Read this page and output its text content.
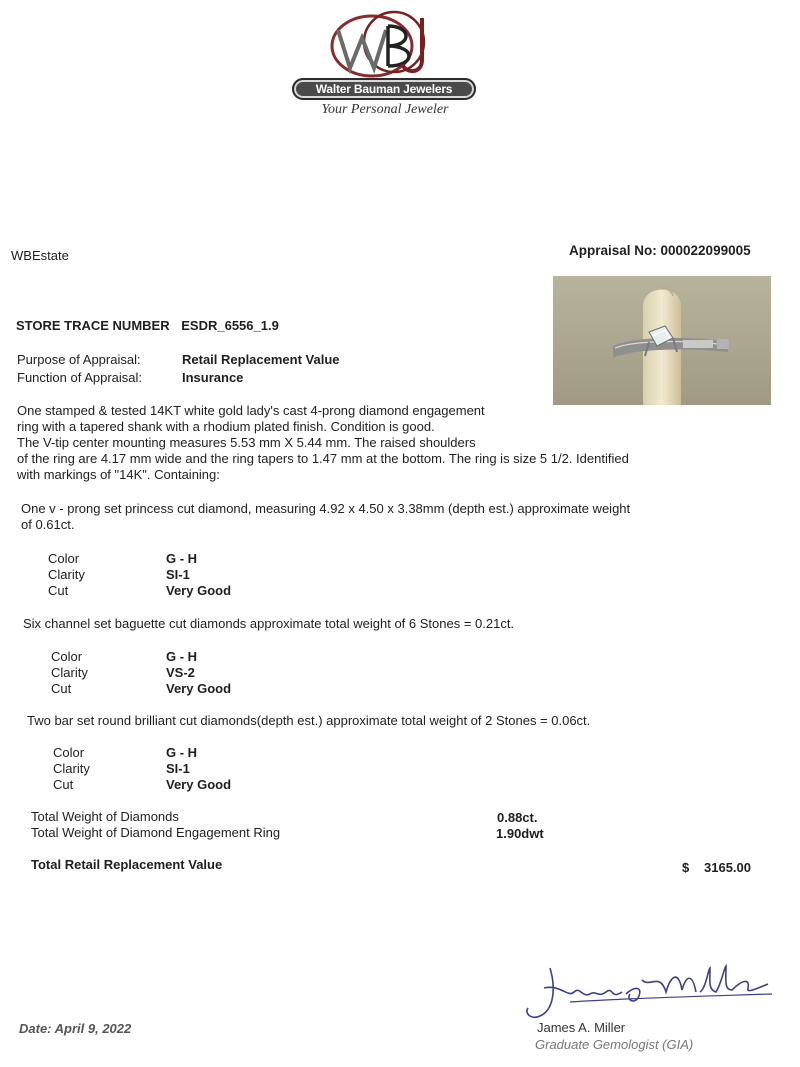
Walter Bauman Jewelers
Your Personal Jeweler
WBEstate	Appraisal No: 000022099005
STORE TRACE NUMBER ESDR_6556_1.9
Purpose of Appraisal:	Retail Replacement Value
Function of Appraisal:	Insurance
One stamped & tested 14KT white gold lady's cast 4-prong diamond engagement
ring with a tapered shank with a rhodium plated finish. Condition is good.
The V-tip center mounting measures 5.53 mm X 5.44 mm. The raised shoulders
of the ring are 4.17 mm wide and the ring tapers to 1.47 mm at the bottom. The ring is size 5 1/2. Identified
with markings of "14K". Containing:
One v - prong set princess cut diamond, measuring 4.92 x 4.50 x 3.38mm (depth est.) approximate weight
of 0.61ct.
Color	G - H
Clarity	SI-1
Cut	Very Good
Six channel set baguette cut diamonds approximate total weight of 6 Stones = 0.21ct.
Color	G - H
Clarity	VS-2
Cut	Very Good
Two bar set round brilliant cut diamonds(depth est.) approximate total weight of 2 Stones = 0.06ct.
Color	G - H
Clarity	SI-1
Cut	Very Good
Total Weight of Diamonds	0.88ct.
Total Weight of Diamond Engagement Ring	1.90dwt
Total Retail Replacement Value	$ 3165.00
Date: April 9, 2022	James A. Miller
Graduate Gemologist (GIA)
